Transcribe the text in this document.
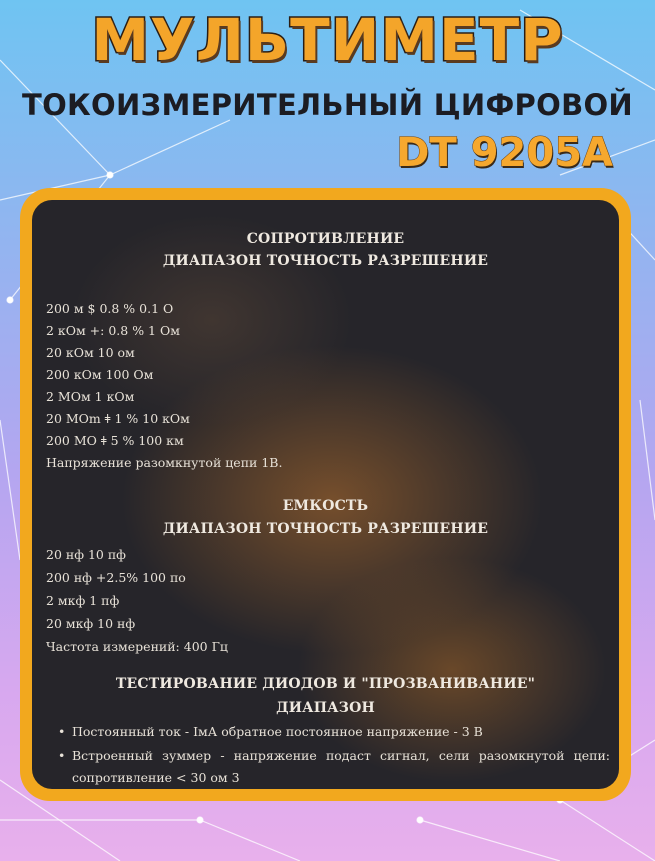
МУЛЬТИМЕТР
ТОКОИЗМЕРИТЕЛЬНЫЙ ЦИФРОВОЙ
DT 9205A
СОПРОТИВЛЕНИЕ
ДИАПАЗОН ТОЧНОСТЬ РАЗРЕШЕНИЕ
200 м $ 0.8 % 0.1 О
2 кОм +: 0.8 % 1 Ом
20 кОм 10 ом
200 кОм 100 Ом
2 МОм 1 кОм
20 МОm ǂ 1 % 10 кОм
200 МО ǂ 5 % 100 км
Напряжение разомкнутой цепи 1В.
ЕМКОСТЬ
ДИАПАЗОН ТОЧНОСТЬ РАЗРЕШЕНИЕ
20 нф 10 пф
200 нф +2.5% 100 по
2 мкф 1 пф
20 мкф 10 нф
Частота измерений: 400 Гц
ТЕСТИРОВАНИЕ ДИОДОВ И "ПРОЗВАНИВАНИЕ"
ДИАПАЗОН
• Постоянный ток - IмА обратное постоянное напряжение - 3 В
• Встроенный зуммер - напряжение подаст сигнал, сели разомкнутой цепи: сопротивление < 30 ом 3
